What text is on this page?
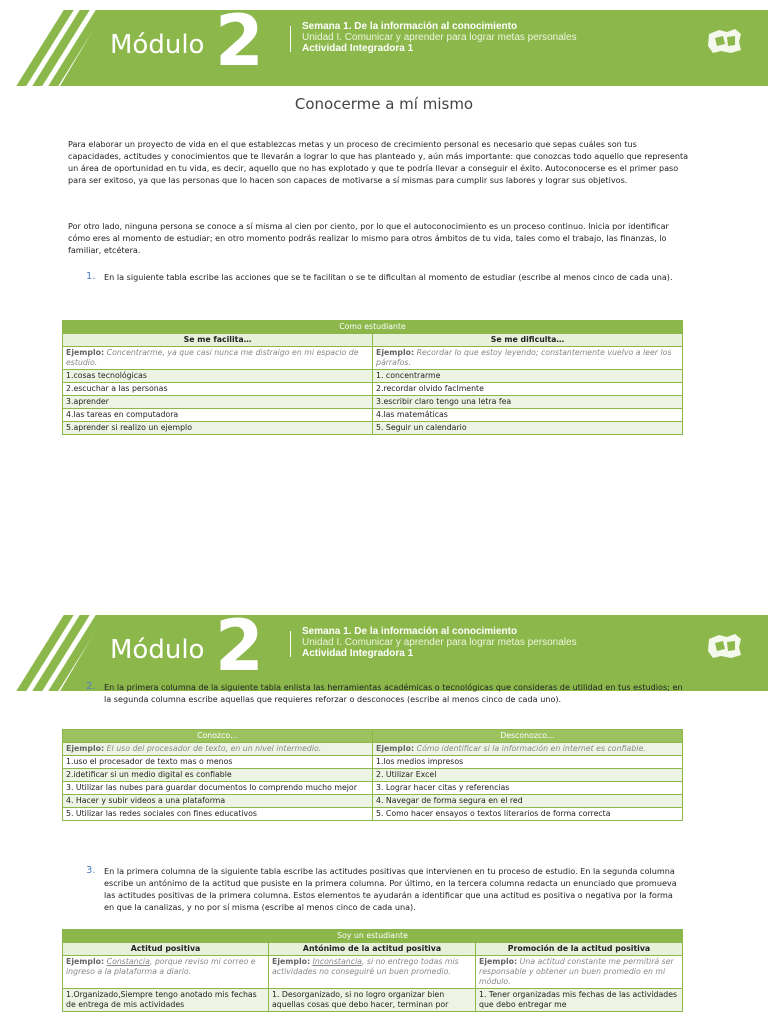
Módulo 2	Semana 1. De la información al conocimiento
Unidad I. Comunicar y aprender para lograr metas personales
Actividad Integradora 1
Conocerme a mí mismo

Para elaborar un proyecto de vida en el que establezcas metas y un proceso de crecimiento personal es necesario que sepas cuáles son tus capacidades, actitudes y conocimientos que te llevarán a lograr lo que has planteado y, aún más importante: que conozcas todo aquello que representa un área de oportunidad en tu vida, es decir, aquello que no has explotado y que te podría llevar a conseguir el éxito. Autoconocerse es el primer paso para ser exitoso, ya que las personas que lo hacen son capaces de motivarse a sí mismas para cumplir sus labores y lograr sus objetivos.

Por otro lado, ninguna persona se conoce a sí misma al cien por ciento, por lo que el autoconocimiento es un proceso continuo. Inicia por identificar cómo eres al momento de estudiar; en otro momento podrás realizar lo mismo para otros ámbitos de tu vida, tales como el trabajo, las finanzas, lo familiar, etcétera.

1. En la siguiente tabla escribe las acciones que se te facilitan o se te dificultan al momento de estudiar (escribe al menos cinco de cada una).
Como estudiante	
Se me facilita…	Se me dificulta…
Ejemplo: Concentrarme, ya que casi nunca me distraigo en mi espacio de estudio.	Ejemplo: Recordar lo que estoy leyendo; constantemente vuelvo a leer los párrafos.
1.cosas tecnológicas	1. concentrarme
2.escuchar a las personas	2.recordar olvido faclmente
3.aprender	3.escribir claro tengo una letra fea
4.las tareas en computadora	4.las matemáticas
5.aprender si realizo un ejemplo	5. Seguir un calendario
Módulo 2	Semana 1. De la información al conocimiento
Unidad I. Comunicar y aprender para lograr metas personales
Actividad Integradora 1
2. En la primera columna de la siguiente tabla enlista las herramientas académicas o tecnológicas que consideras de utilidad en tus estudios; en la segunda columna escribe aquellas que requieres reforzar o desconoces (escribe al menos cinco de cada uno).
Conozco…	Desconozco…
Ejemplo: El uso del procesador de texto, en un nivel intermedio.	Ejemplo: Cómo identificar si la información en internet es confiable.
1.uso el procesador de texto mas o menos	1.los medios impresos
2.idetificar si un medio digital es confiable	2. Utilizar Excel
3. Utilizar las nubes para guardar documentos lo comprendo mucho mejor	3. Lograr hacer citas y referencias
4. Hacer y subir videos a una plataforma	4. Navegar de forma segura en el red
5. Utilizar las redes sociales con fines educativos	5. Como hacer ensayos o textos literarios de forma correcta
3. En la primera columna de la siguiente tabla escribe las actitudes positivas que intervienen en tu proceso de estudio. En la segunda columna escribe un antónimo de la actitud que pusiste en la primera columna. Por último, en la tercera columna redacta un enunciado que promueva las actitudes positivas de la primera columna. Estos elementos te ayudarán a identificar que una actitud es positiva o negativa por la forma en que la canalizas, y no por sí misma (escribe al menos cinco de cada una).
Soy un estudiante		
Actitud positiva	Antónimo de la actitud positiva	Promoción de la actitud positiva
Ejemplo: Constancia, porque reviso mi correo e ingreso a la plataforma a diario.	Ejemplo: Inconstancia, si no entrego todas mis actividades no conseguiré un buen promedio.	Ejemplo: Una actitud constante me permitirá ser responsable y obtener un buen promedio en mi módulo.
1.Organizado,Siempre tengo anotado mis fechas de entrega de mis actividades	1. Desorganizado, si no logro organizar bien aquellas cosas que debo hacer, terminan por	1. Tener organizadas mis fechas de las actividades que debo entregar me
